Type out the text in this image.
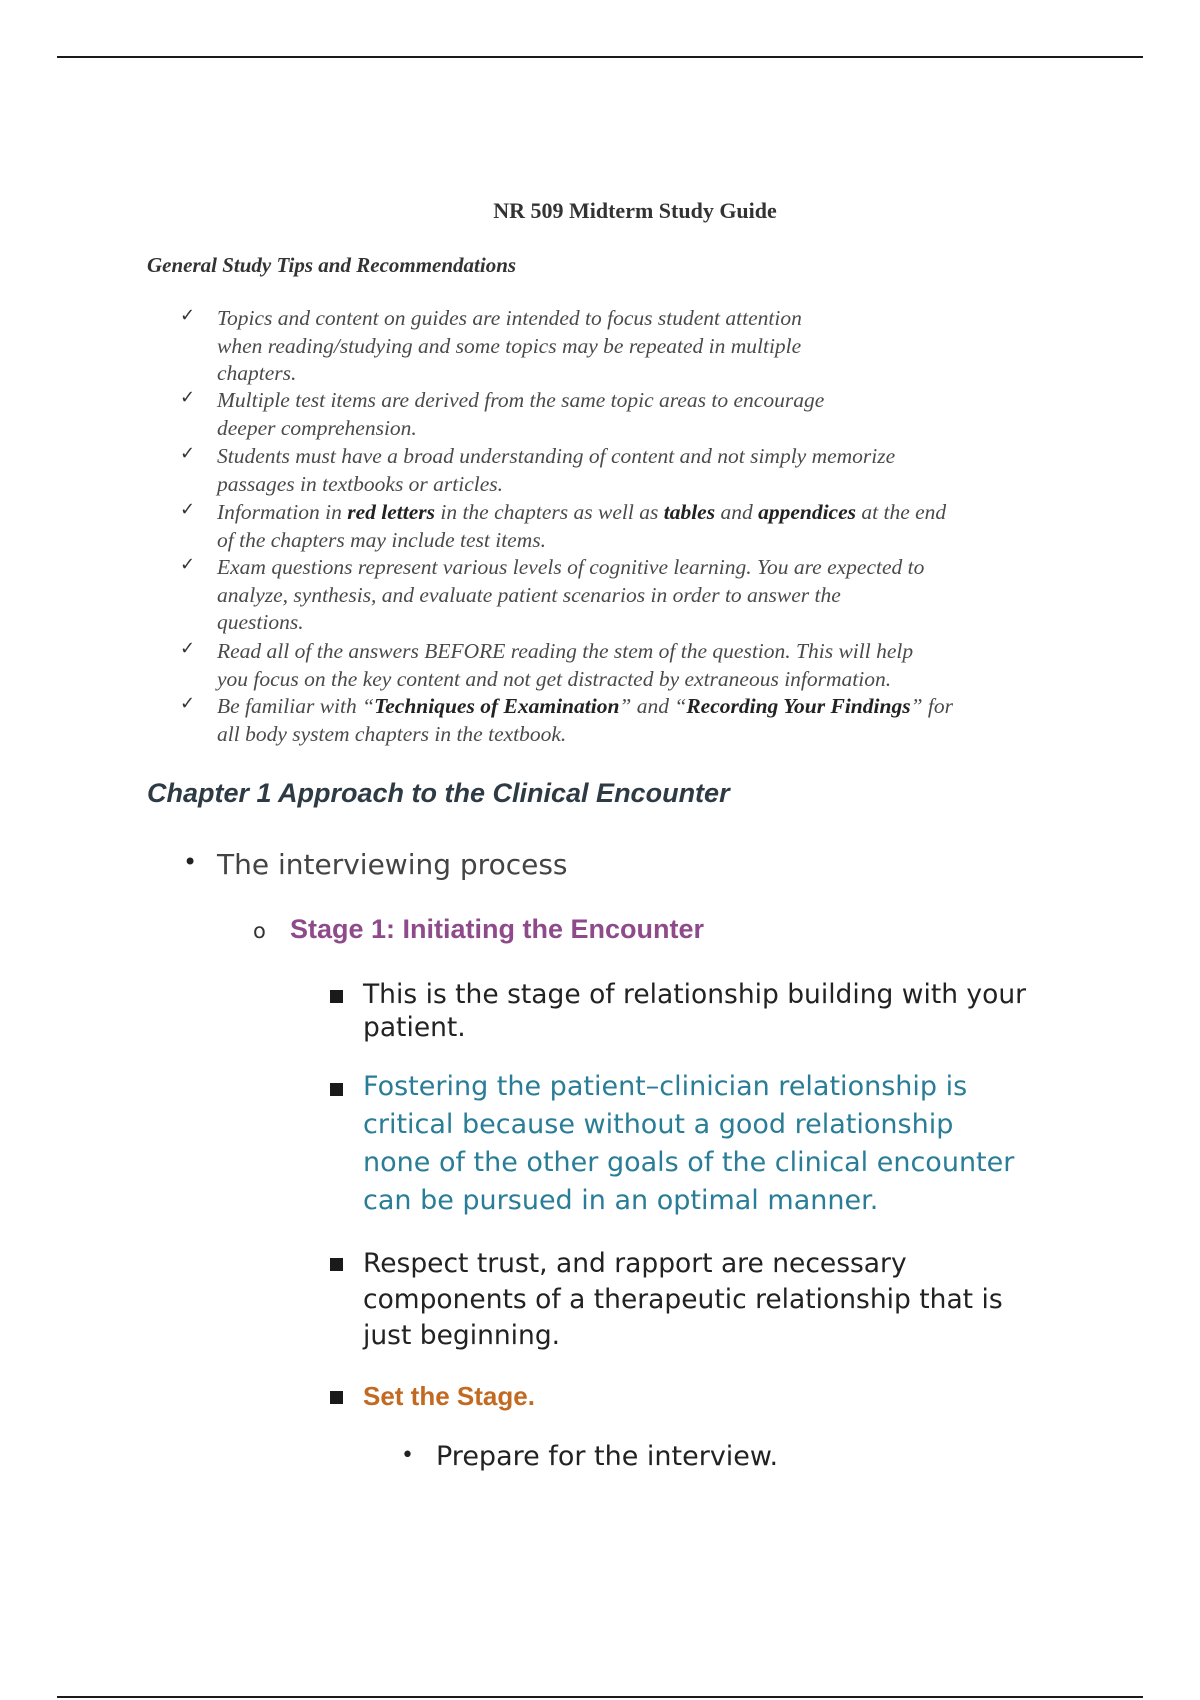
NR 509 Midterm Study Guide
General Study Tips and Recommendations
✓ Topics and content on guides are intended to focus student attention
when reading/studying and some topics may be repeated in multiple
chapters.

✓ Multiple test items are derived from the same topic areas to encourage
deeper comprehension.

✓ Students must have a broad understanding of content and not simply memorize
passages in textbooks or articles.

✓ Information in red letters in the chapters as well as tables and appendices at the end
of the chapters may include test items.

✓ Exam questions represent various levels of cognitive learning. You are expected to
analyze, synthesis, and evaluate patient scenarios in order to answer the
questions.

✓ Read all of the answers BEFORE reading the stem of the question. This will help
you focus on the key content and not get distracted by extraneous information.

✓ Be familiar with “Techniques of Examination” and “Recording Your Findings” for
all body system chapters in the textbook.

Chapter 1 Approach to the Clinical Encounter
• The interviewing process
o Stage 1: Initiating the Encounter

This is the stage of relationship building with your
patient.

Fostering the patient–clinician relationship is
critical because without a good relationship
none of the other goals of the clinical encounter
can be pursued in an optimal manner.

Respect trust, and rapport are necessary
components of a therapeutic relationship that is
just beginning.

Set the Stage.
• Prepare for the interview.
